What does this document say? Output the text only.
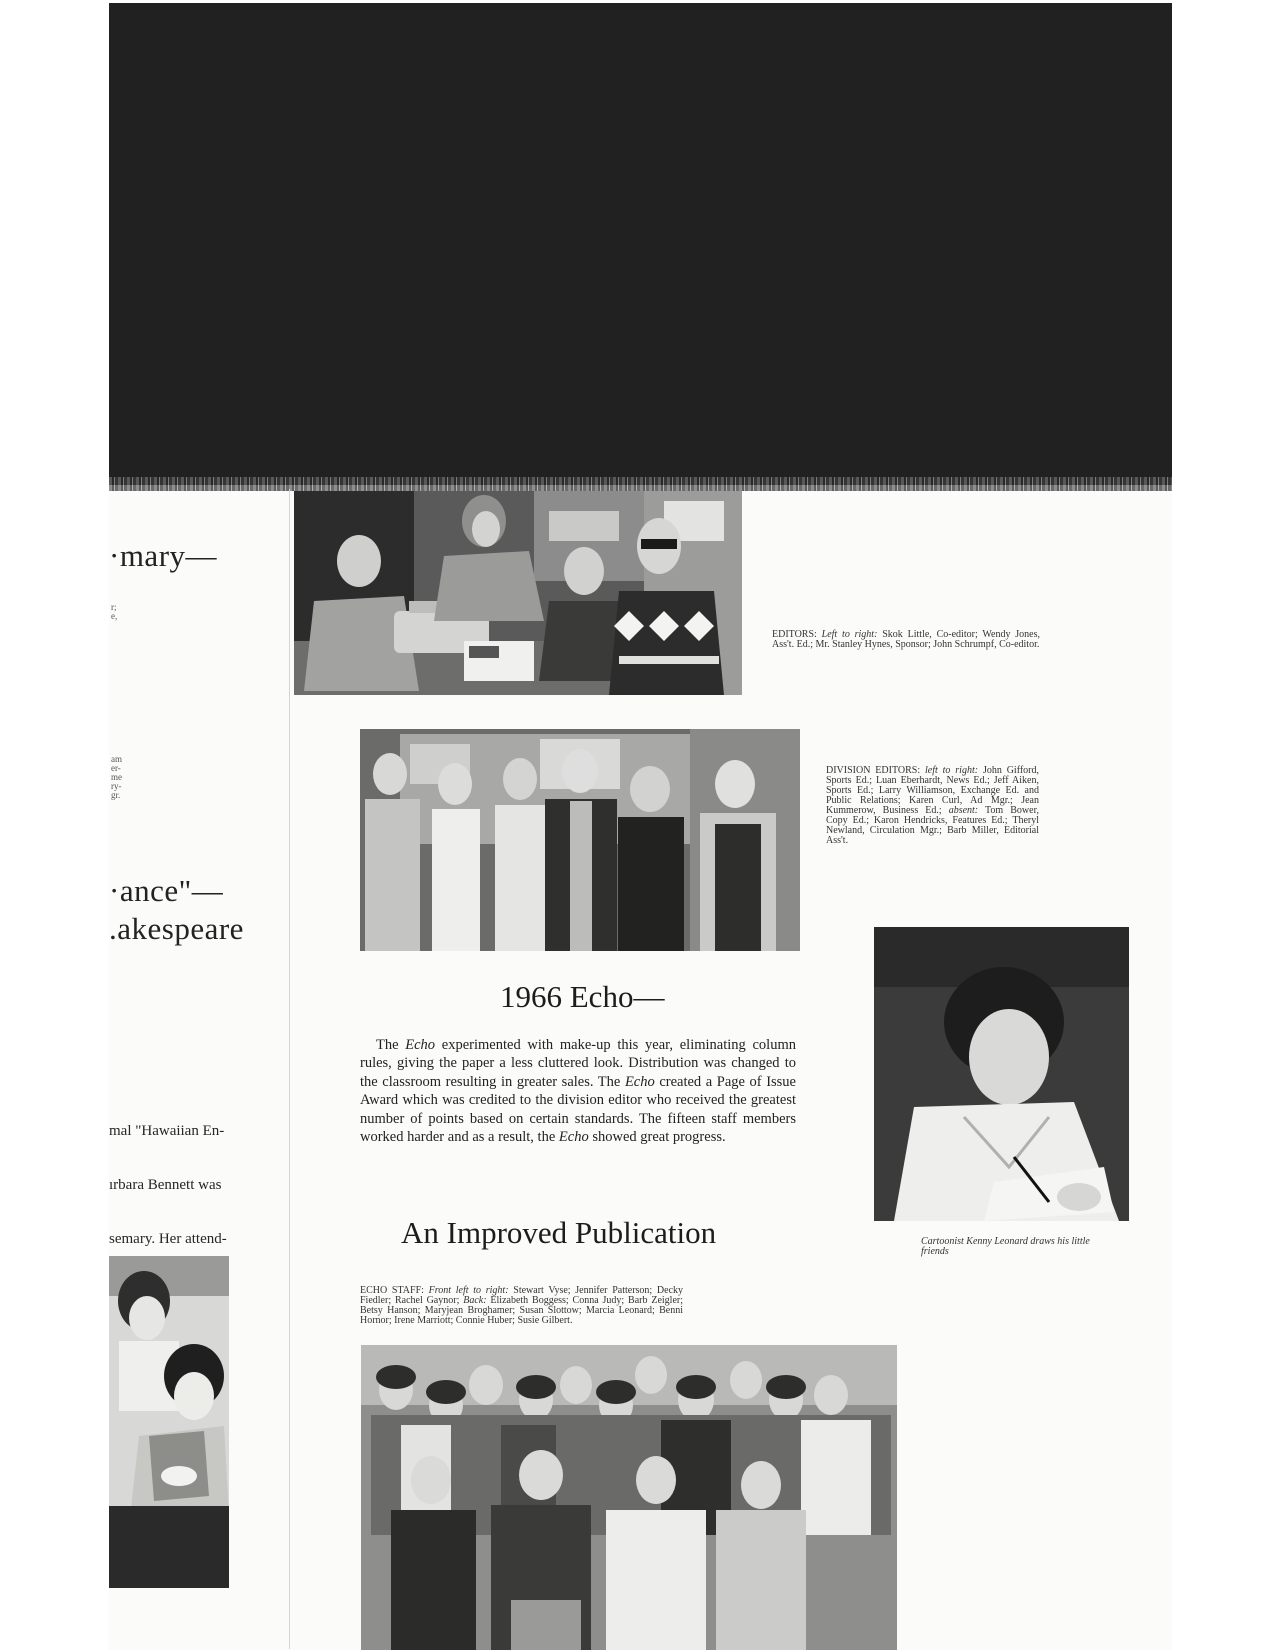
·mary—
r;
e,
am
er-
me
ry-
gr.
·ance"—
.akespeare

mal "Hawaiian En-

ırbara Bennett was

semary. Her attend-

EDITORS: Left to right: Skok Little, Co-editor; Wendy Jones, Ass't. Ed.; Mr. Stanley Hynes, Sponsor; John Schrumpf, Co-editor.
DIVISION EDITORS: left to right: John Gifford, Sports Ed.; Luan Eberhardt, News Ed.; Jeff Aiken, Sports Ed.; Larry Williamson, Exchange Ed. and Public Relations; Karen Curl, Ad Mgr.; Jean Kummerow, Business Ed.; absent: Tom Bower, Copy Ed.; Karon Hendricks, Features Ed.; Theryl Newland, Circulation Mgr.; Barb Miller, Editorial Ass't.
Cartoonist Kenny Leonard draws his little friends
1966 Echo—
The Echo experimented with make-up this year, eliminating column rules, giving the paper a less cluttered look. Distribution was changed to the classroom resulting in greater sales. The Echo created a Page of Issue Award which was credited to the division editor who received the greatest number of points based on certain standards. The fifteen staff members worked harder and as a result, the Echo showed great progress.
An Improved Publication
ECHO STAFF: Front left to right: Stewart Vyse; Jennifer Patterson; Decky Fiedler; Rachel Gaynor; Back: Elizabeth Boggess; Conna Judy; Barb Zeigler; Betsy Hanson; Maryjean Broghamer; Susan Slottow; Marcia Leonard; Benni Hornor; Irene Marriott; Connie Huber; Susie Gilbert.
